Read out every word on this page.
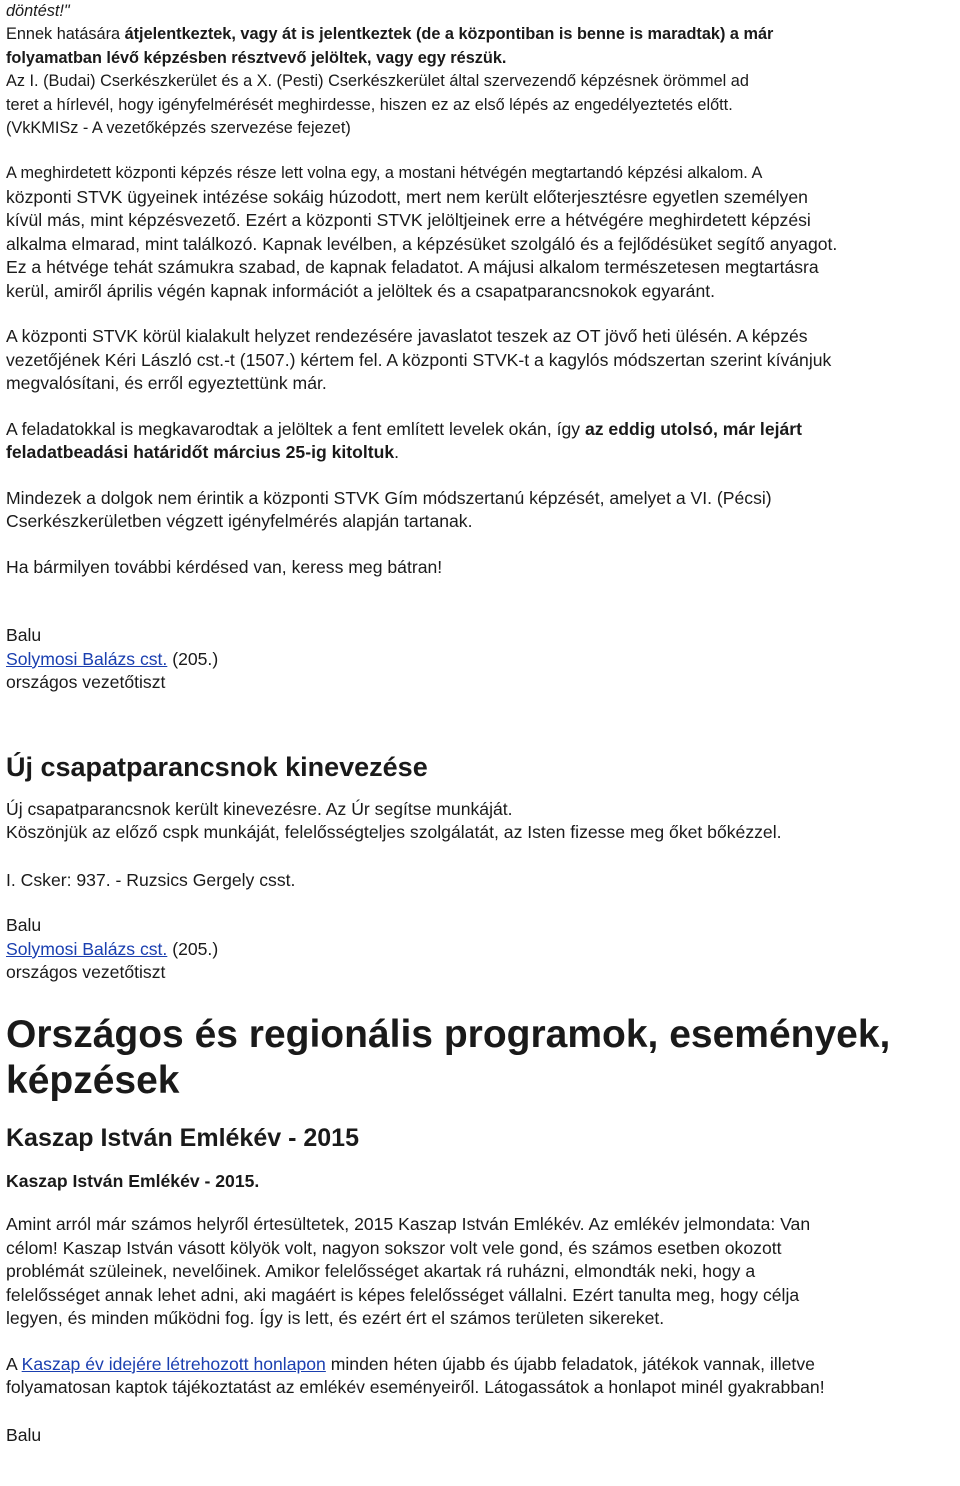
döntést!"

Ennek hatására átjelentkeztek, vagy át is jelentkeztek (de a központiban is benne is maradtak) a már

folyamatban lévő képzésben résztvevő jelöltek, vagy egy részük.

Az I. (Budai) Cserkészkerület és a X. (Pesti) Cserkészkerület által szervezendő képzésnek örömmel ad

teret a hírlevél, hogy igényfelmérését meghirdesse, hiszen ez az első lépés az engedélyeztetés előtt.

(VkKMISz - A vezetőképzés szervezése fejezet)

A meghirdetett központi képzés része lett volna egy, a mostani hétvégén megtartandó képzési alkalom. A

központi STVK ügyeinek intézése sokáig húzodott, mert nem került előterjesztésre egyetlen személyen

kívül más, mint képzésvezető. Ezért a központi STVK jelöltjeinek erre a hétvégére meghirdetett képzési

alkalma elmarad, mint találkozó. Kapnak levélben, a képzésüket szolgáló és a fejlődésüket segítő anyagot.

Ez a hétvége tehát számukra szabad, de kapnak feladatot. A májusi alkalom természetesen megtartásra

kerül, amiről április végén kapnak információt a jelöltek és a csapatparancsnokok egyaránt.

A központi STVK körül kialakult helyzet rendezésére javaslatot teszek az OT jövő heti ülésén. A képzés

vezetőjének Kéri László cst.-t (1507.) kértem fel. A központi STVK-t a kagylós módszertan szerint kívánjuk

megvalósítani, és erről egyeztettünk már.

A feladatokkal is megkavarodtak a jelöltek a fent említett levelek okán, így az eddig utolsó, már lejárt

feladatbeadási határidőt március 25-ig kitoltuk.

Mindezek a dolgok nem érintik a központi STVK Gím módszertanú képzését, amelyet a VI. (Pécsi)

Cserkészkerületben végzett igényfelmérés alapján tartanak.

Ha bármilyen további kérdésed van, keress meg bátran!

Balu

Solymosi Balázs cst. (205.)

országos vezetőtiszt

Új csapatparancsnok kinevezése

Új csapatparancsnok került kinevezésre. Az Úr segítse munkáját.

Köszönjük az előző cspk munkáját, felelősségteljes szolgálatát, az Isten fizesse meg őket bőkézzel.

I. Csker: 937. - Ruzsics Gergely csst.

Balu

Solymosi Balázs cst. (205.)

országos vezetőtiszt

Országos és regionális programok, események,
képzések
Kaszap István Emlékév - 2015

Kaszap István Emlékév - 2015.

Amint arról már számos helyről értesültetek, 2015 Kaszap István Emlékév. Az emlékév jelmondata: Van

célom! Kaszap István vásott kölyök volt, nagyon sokszor volt vele gond, és számos esetben okozott

problémát szüleinek, nevelőinek. Amikor felelősséget akartak rá ruházni, elmondták neki, hogy a

felelősséget annak lehet adni, aki magáért is képes felelősséget vállalni. Ezért tanulta meg, hogy célja

legyen, és minden működni fog. Így is lett, és ezért ért el számos területen sikereket.

A Kaszap év idejére létrehozott honlapon minden héten újabb és újabb feladatok, játékok vannak, illetve

folyamatosan kaptok tájékoztatást az emlékév eseményeiről. Látogassátok a honlapot minél gyakrabban!

Balu
